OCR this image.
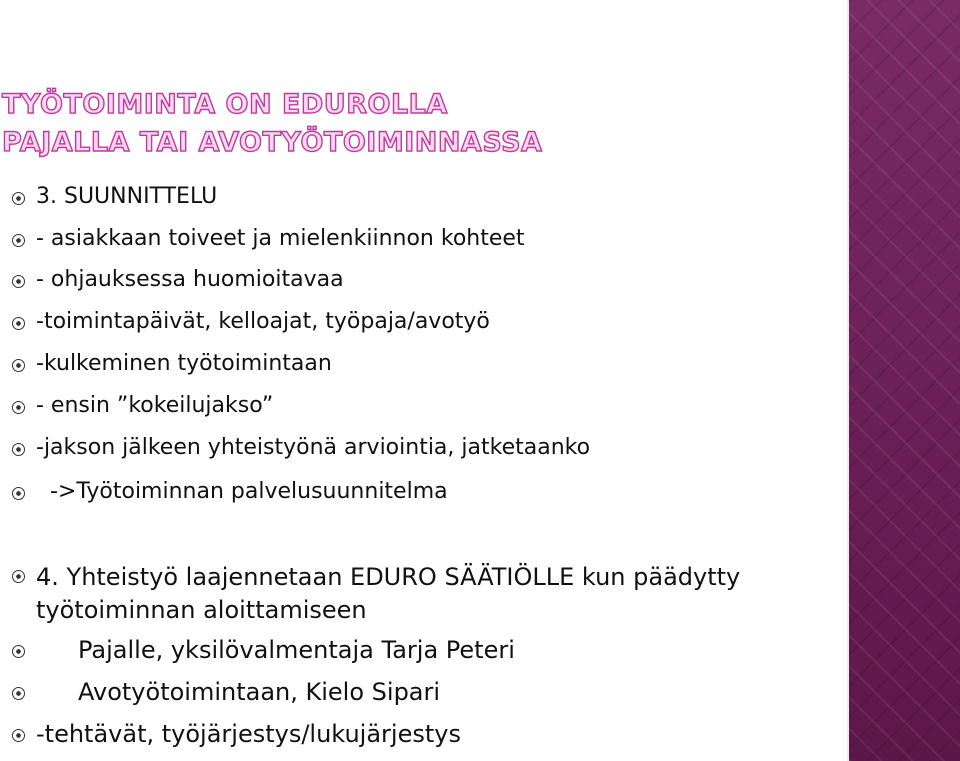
TYÖTOIMINTA ON EDUROLLA
PAJALLA TAI AVOTYÖTOIMINNASSA
3. SUUNNITTELU
- asiakkaan toiveet ja mielenkiinnon kohteet
- ohjauksessa huomioitavaa
-toimintapäivät, kelloajat, työpaja/avotyö
-kulkeminen työtoimintaan
- ensin ”kokeilujakso”
-jakson jälkeen yhteistyönä arviointia, jatketaanko
->Työtoiminnan palvelusuunnitelma
4. Yhteistyö laajennetaan EDURO SÄÄTIÖLLE kun päädytty työtoiminnan aloittamiseen
Pajalle, yksilövalmentaja Tarja Peteri
Avotyötoimintaan, Kielo Sipari
-tehtävät, työjärjestys/lukujärjestys
